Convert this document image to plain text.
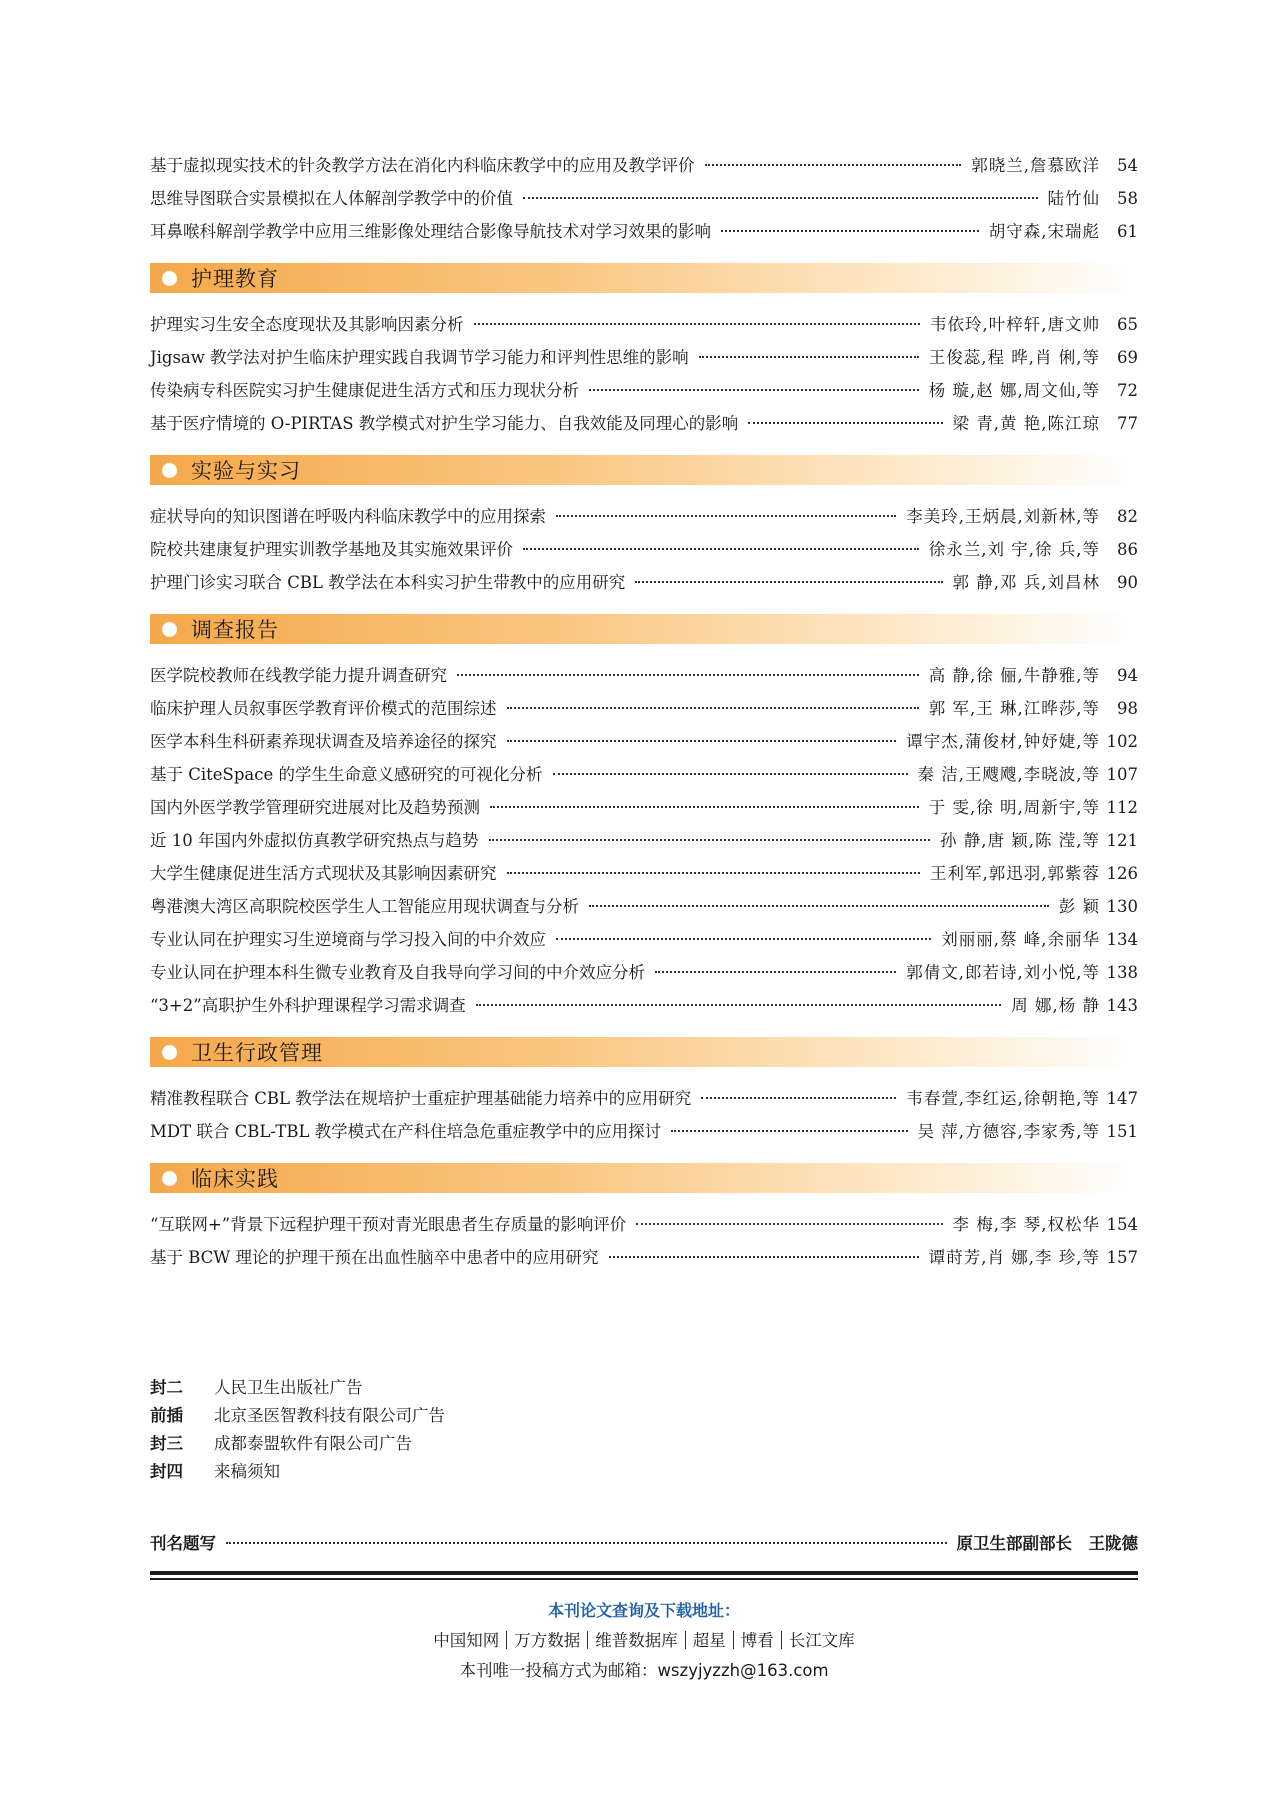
基于虚拟现实技术的针灸教学方法在消化内科临床教学中的应用及教学评价	郭晓兰,詹慕欧洋	54
思维导图联合实景模拟在人体解剖学教学中的价值	陆竹仙	58
耳鼻喉科解剖学教学中应用三维影像处理结合影像导航技术对学习效果的影响	胡守森,宋瑞彪	61
护理教育
护理实习生安全态度现状及其影响因素分析	韦依玲,叶梓轩,唐文帅	65
Jigsaw 教学法对护生临床护理实践自我调节学习能力和评判性思维的影响	王俊蕊,程 晔,肖 俐,等	69
传染病专科医院实习护生健康促进生活方式和压力现状分析	杨 璇,赵 娜,周文仙,等	72
基于医疗情境的 O-PIRTAS 教学模式对护生学习能力、自我效能及同理心的影响	梁 青,黄 艳,陈江琼	77
实验与实习
症状导向的知识图谱在呼吸内科临床教学中的应用探索	李美玲,王炳晨,刘新林,等	82
院校共建康复护理实训教学基地及其实施效果评价	徐永兰,刘 宇,徐 兵,等	86
护理门诊实习联合 CBL 教学法在本科实习护生带教中的应用研究	郭 静,邓 兵,刘昌林	90
调查报告
医学院校教师在线教学能力提升调查研究	高 静,徐 俪,牛静雅,等	94
临床护理人员叙事医学教育评价模式的范围综述	郭 军,王 琳,江晔莎,等	98
医学本科生科研素养现状调查及培养途径的探究	谭宇杰,蒲俊材,钟妤婕,等 102
基于 CiteSpace 的学生生命意义感研究的可视化分析	秦 洁,王飕飕,李晓波,等 107
国内外医学教学管理研究进展对比及趋势预测	于 雯,徐 明,周新宇,等 112
近 10 年国内外虚拟仿真教学研究热点与趋势	孙 静,唐 颖,陈 滢,等 121
大学生健康促进生活方式现状及其影响因素研究	王利军,郭迅羽,郭紫蓉 126
粤港澳大湾区高职院校医学生人工智能应用现状调查与分析	彭 颖 130
专业认同在护理实习生逆境商与学习投入间的中介效应	刘丽丽,蔡 峰,余丽华 134
专业认同在护理本科生微专业教育及自我导向学习间的中介效应分析	郭倩文,郎若诗,刘小悦,等 138
“3+2”高职护生外科护理课程学习需求调查	周 娜,杨 静 143
卫生行政管理
精准教程联合 CBL 教学法在规培护士重症护理基础能力培养中的应用研究	韦春萱,李红运,徐朝艳,等 147
MDT 联合 CBL-TBL 教学模式在产科住培急危重症教学中的应用探讨	吴 萍,方德容,李家秀,等 151
临床实践
“互联网+”背景下远程护理干预对青光眼患者生存质量的影响评价	李 梅,李 琴,权松华 154
基于 BCW 理论的护理干预在出血性脑卒中患者中的应用研究	谭莳芳,肖 娜,李 珍,等 157
封二	人民卫生出版社广告
前插	北京圣医智教科技有限公司广告
封三	成都泰盟软件有限公司广告
封四	来稿须知
刊名题写	原卫生部副部长　王陇德
本刊论文查询及下载地址：
中国知网 万方数据 维普数据库 超星 博看 长江文库
本刊唯一投稿方式为邮箱：wszyjyzzh@163.com
